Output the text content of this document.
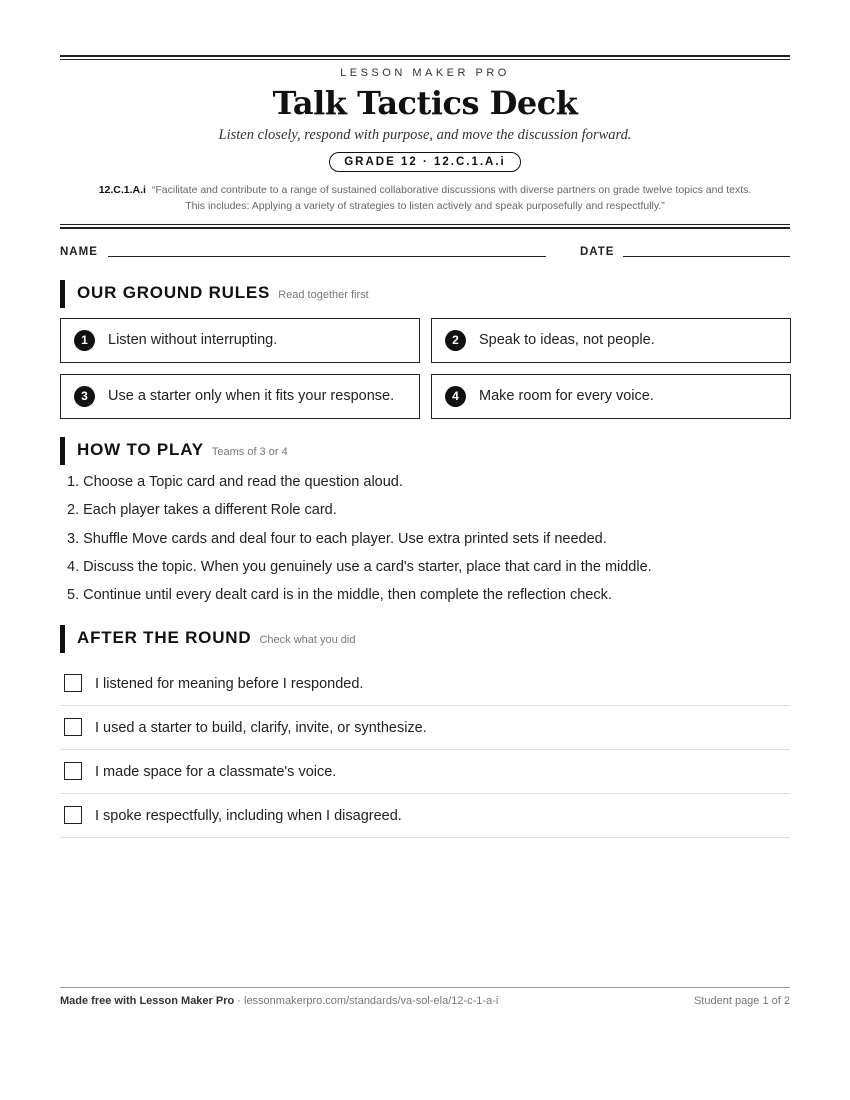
LESSON MAKER PRO
Talk Tactics Deck
Listen closely, respond with purpose, and move the discussion forward.
GRADE 12 · 12.C.1.A.i
12.C.1.A.i “Facilitate and contribute to a range of sustained collaborative discussions with diverse partners on grade twelve topics and texts.
This includes: Applying a variety of strategies to listen actively and speak purposefully and respectfully.”
NAME	DATE
OUR GROUND RULES Read together first
1	Listen without interrupting.	2	Speak to ideas, not people.
3	Use a starter only when it fits your response.	4	Make room for every voice.
HOW TO PLAY Teams of 3 or 4
1. Choose a Topic card and read the question aloud.
2. Each player takes a different Role card.
3. Shuffle Move cards and deal four to each player. Use extra printed sets if needed.
4. Discuss the topic. When you genuinely use a card's starter, place that card in the middle.
5. Continue until every dealt card is in the middle, then complete the reflection check.
AFTER THE ROUND Check what you did
I listened for meaning before I responded.
I used a starter to build, clarify, invite, or synthesize.
I made space for a classmate's voice.
I spoke respectfully, including when I disagreed.
Made free with Lesson Maker Pro · lessonmakerpro.com/standards/va-sol-ela/12-c-1-a-i	Student page 1 of 2
